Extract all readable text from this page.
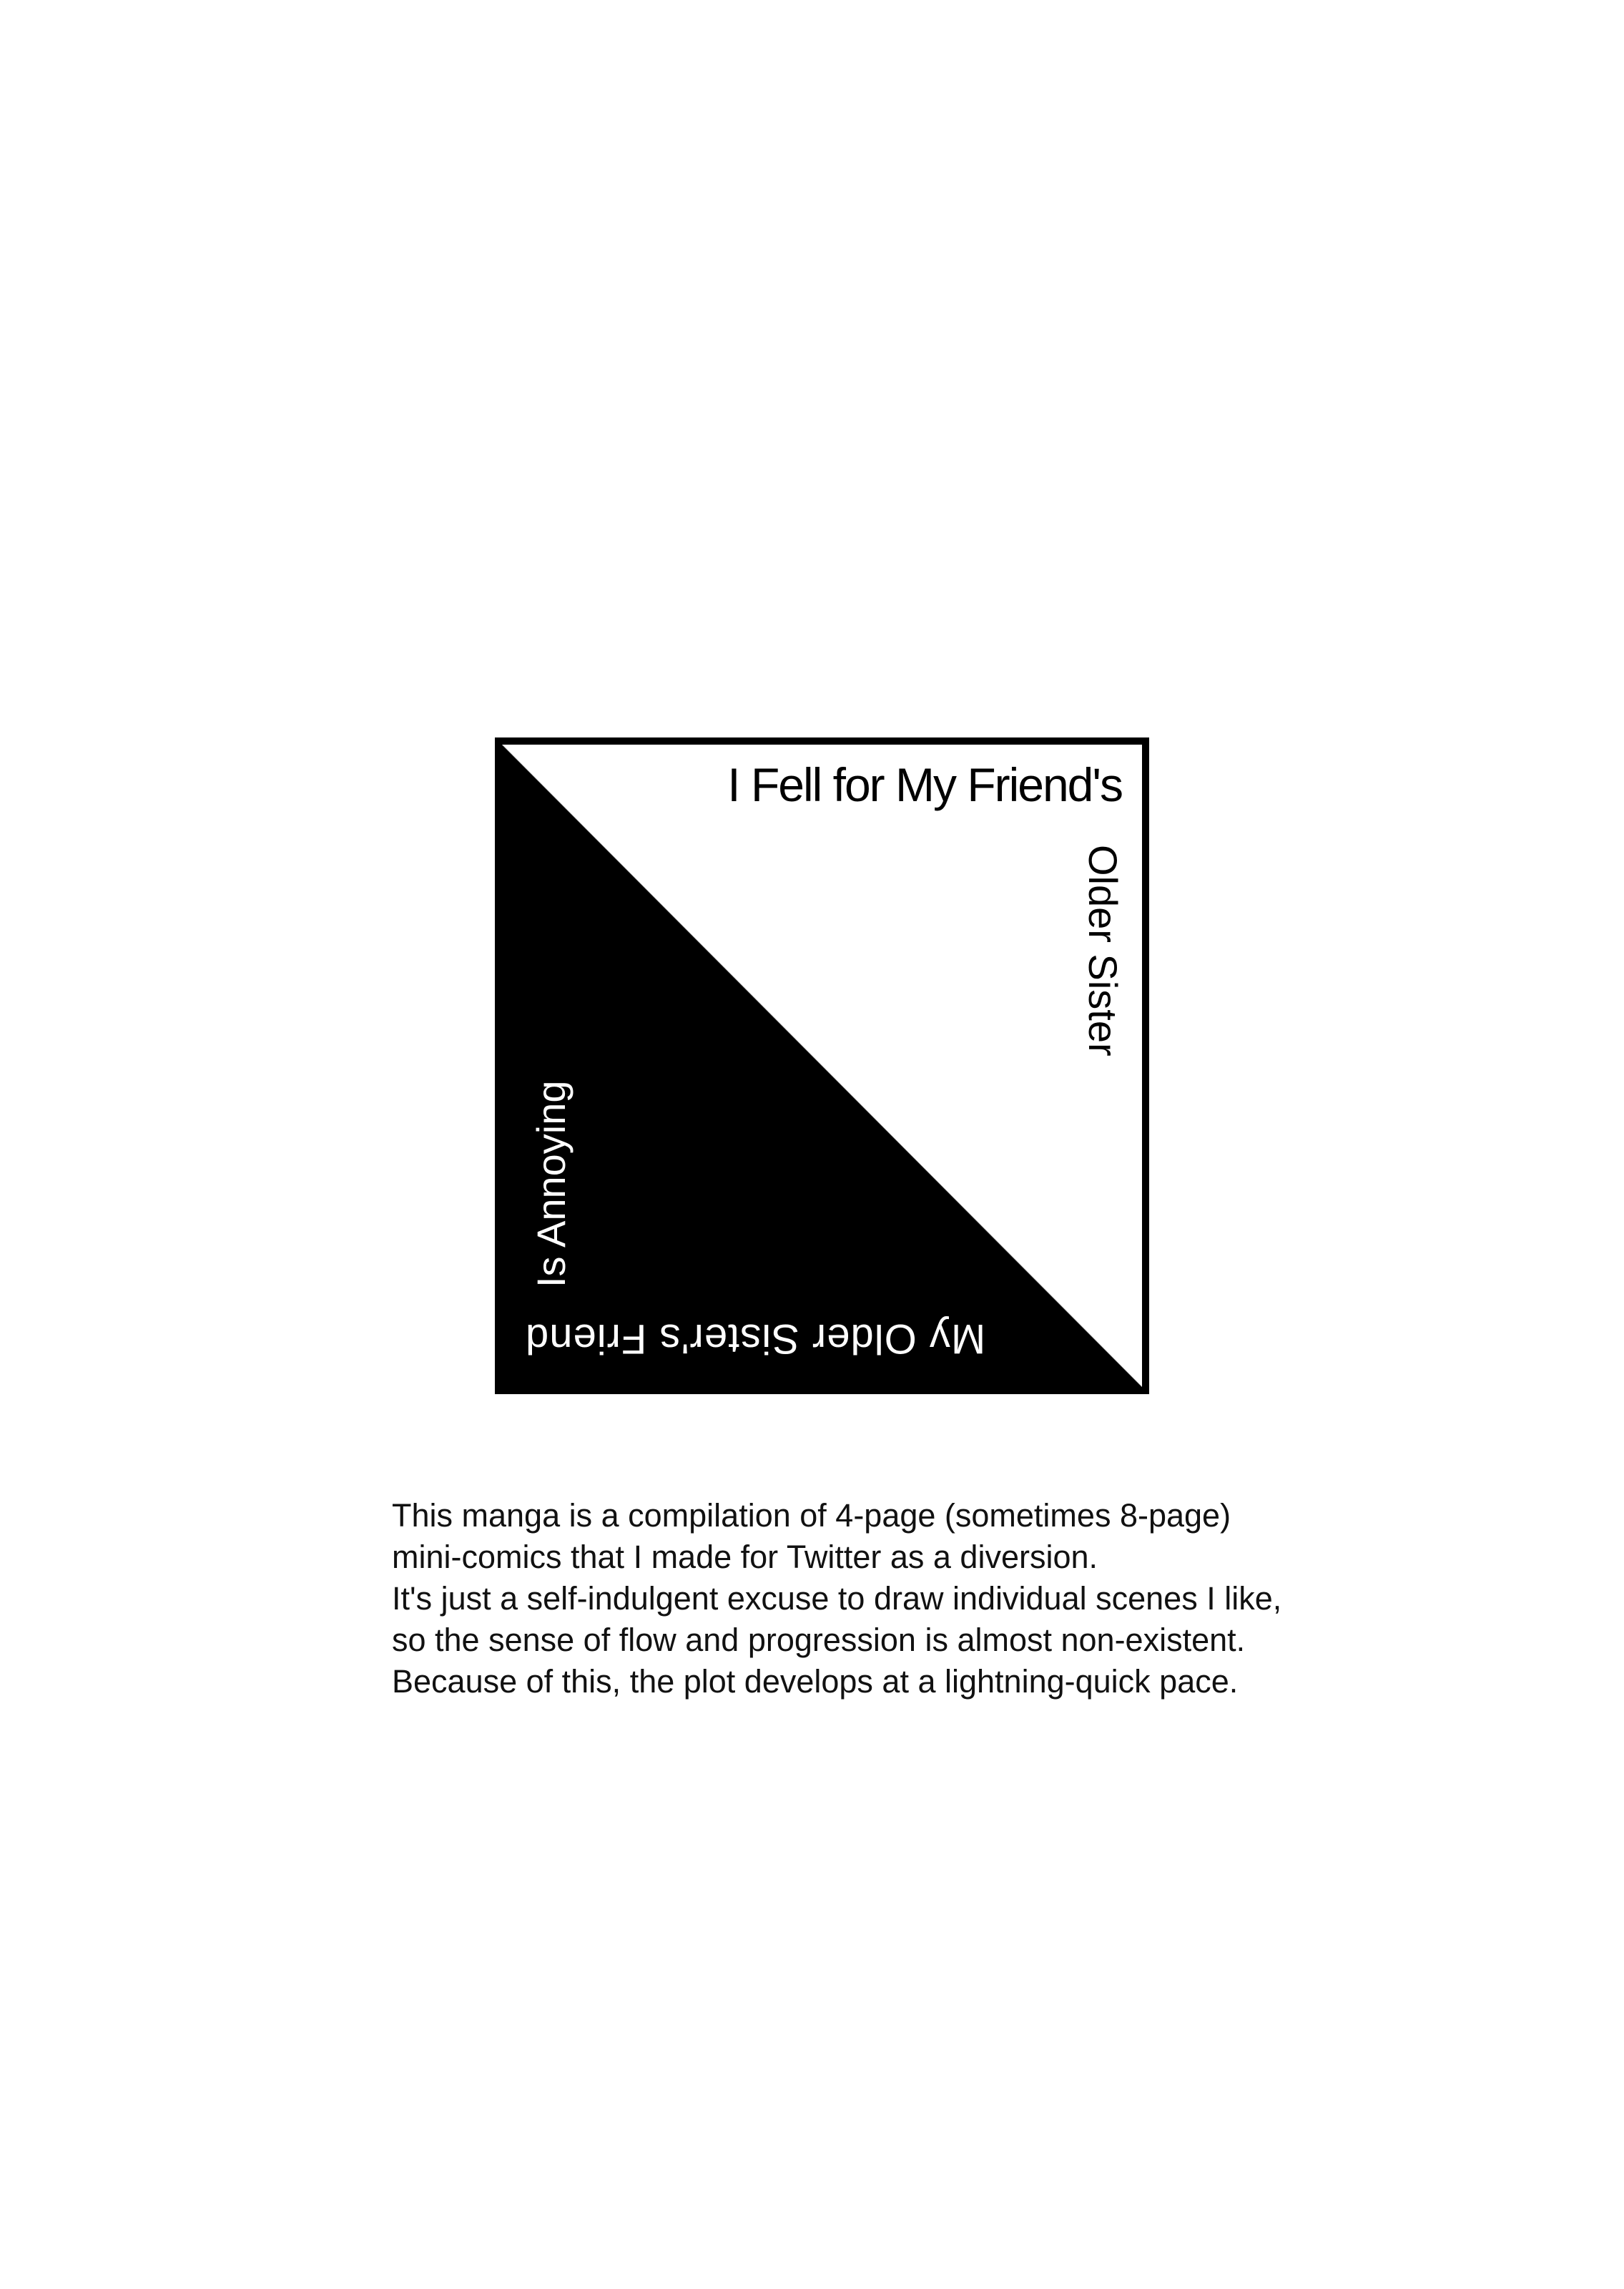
I Fell for My Friend's
Older Sister
Is Annoying
My Older Sister's Friend
This manga is a compilation of 4-page (sometimes 8-page)
mini-comics that I made for Twitter as a diversion.
It's just a self-indulgent excuse to draw individual scenes I like,
so the sense of flow and progression is almost non-existent.
Because of this, the plot develops at a lightning-quick pace.
